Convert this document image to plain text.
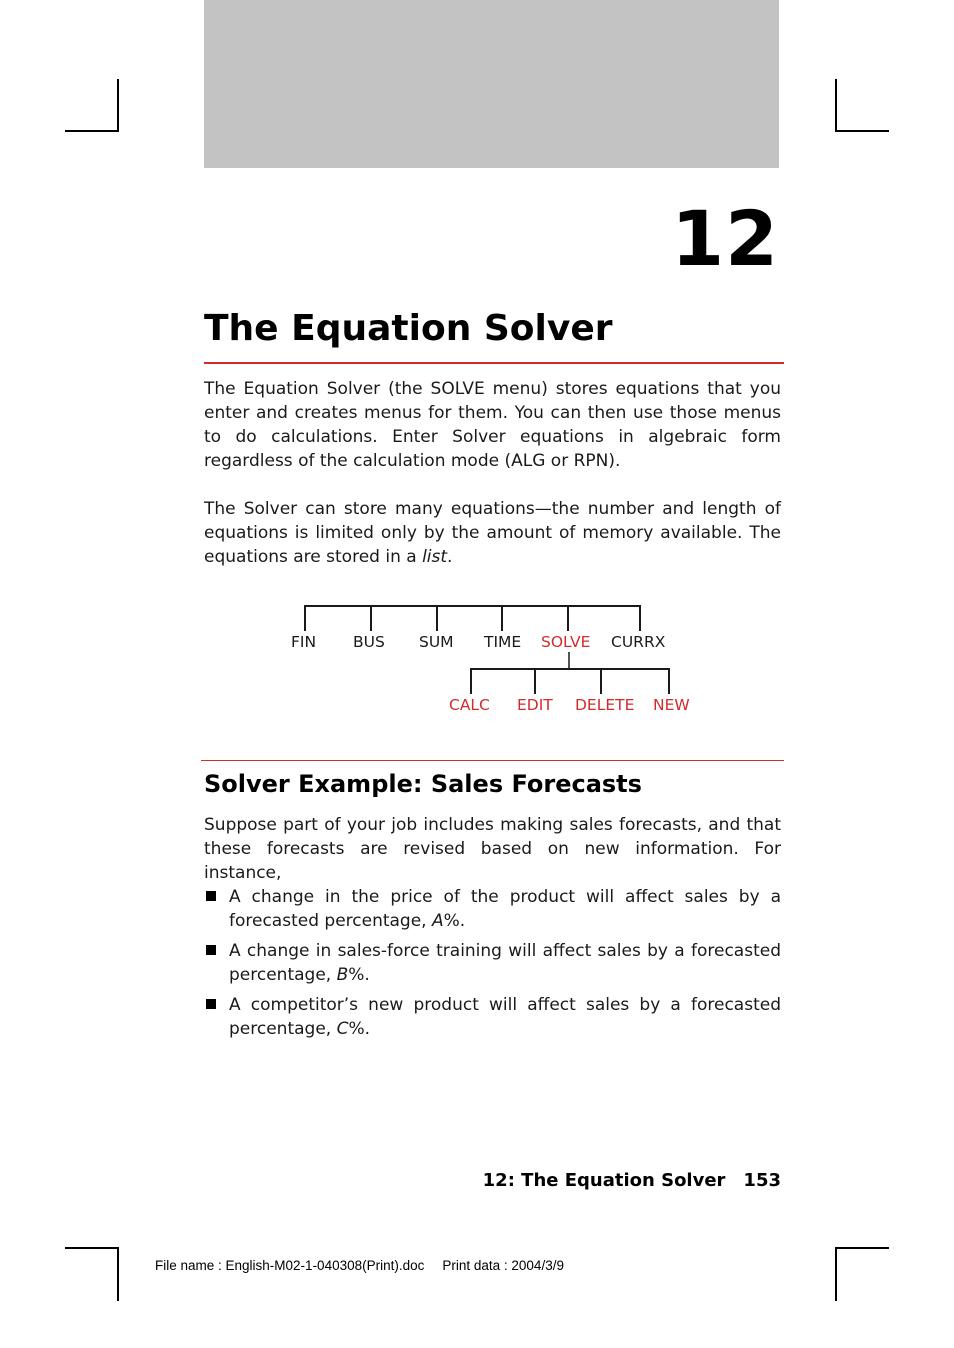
12
The Equation Solver

The Equation Solver (the SOLVE menu) stores equations that you enter and creates menus for them. You can then use those menus to do calculations. Enter Solver equations in algebraic form regardless of the calculation mode (ALG or RPN).

The Solver can store many equations—the number and length of equations is limited only by the amount of memory available. The equations are stored in a list.

FIN BUS SUM TIME SOLVE CURRX
CALC EDIT DELETE NEW
Solver Example: Sales Forecasts

Suppose part of your job includes making sales forecasts, and that these forecasts are revised based on new information. For instance,

A change in the price of the product will affect sales by a forecasted percentage, A%.

A change in sales-force training will affect sales by a forecasted percentage, B%.

A competitor’s new product will affect sales by a forecasted percentage, C%.

12: The Equation Solver 153
File name : English-M02-1-040308(Print).doc Print data : 2004/3/9
